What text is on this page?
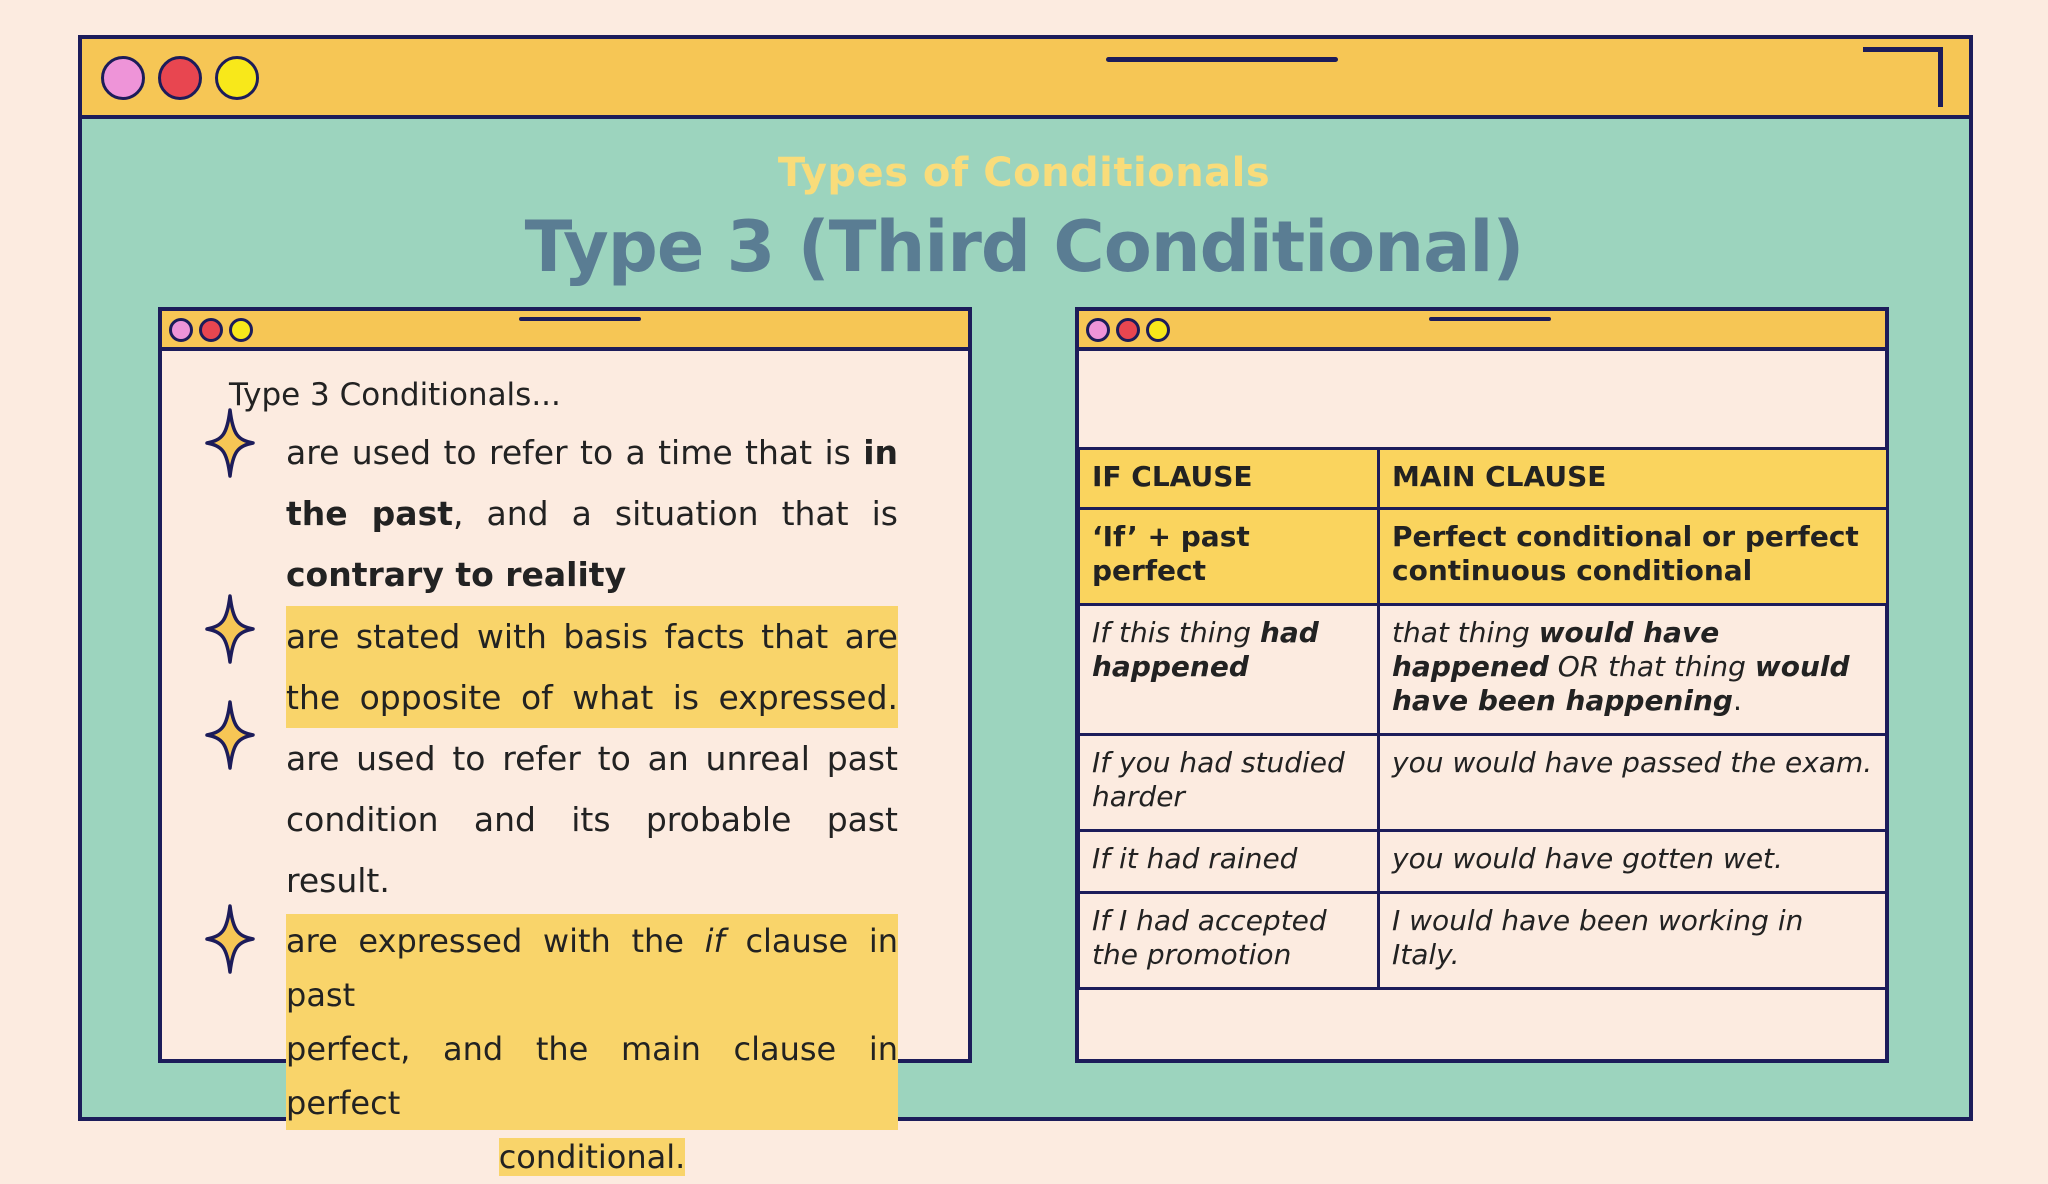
Types of Conditionals
Type 3 (Third Conditional)
Type 3 Conditionals...
are used to refer to a time that is in
the past, and a situation that is
contrary to reality
are stated with basis facts that are
the opposite of what is expressed.
are used to refer to an unreal past
condition and its probable past
result.
are expressed with the if clause in past
perfect, and the main clause in perfect
conditional.
IF CLAUSE	MAIN CLAUSE
‘If’ + past perfect	Perfect conditional or perfect continuous conditional
If this thing had happened	that thing would have happened OR that thing would have been happening.
If you had studied harder	you would have passed the exam.
If it had rained	you would have gotten wet.
If I had accepted the promotion	I would have been working in Italy.
